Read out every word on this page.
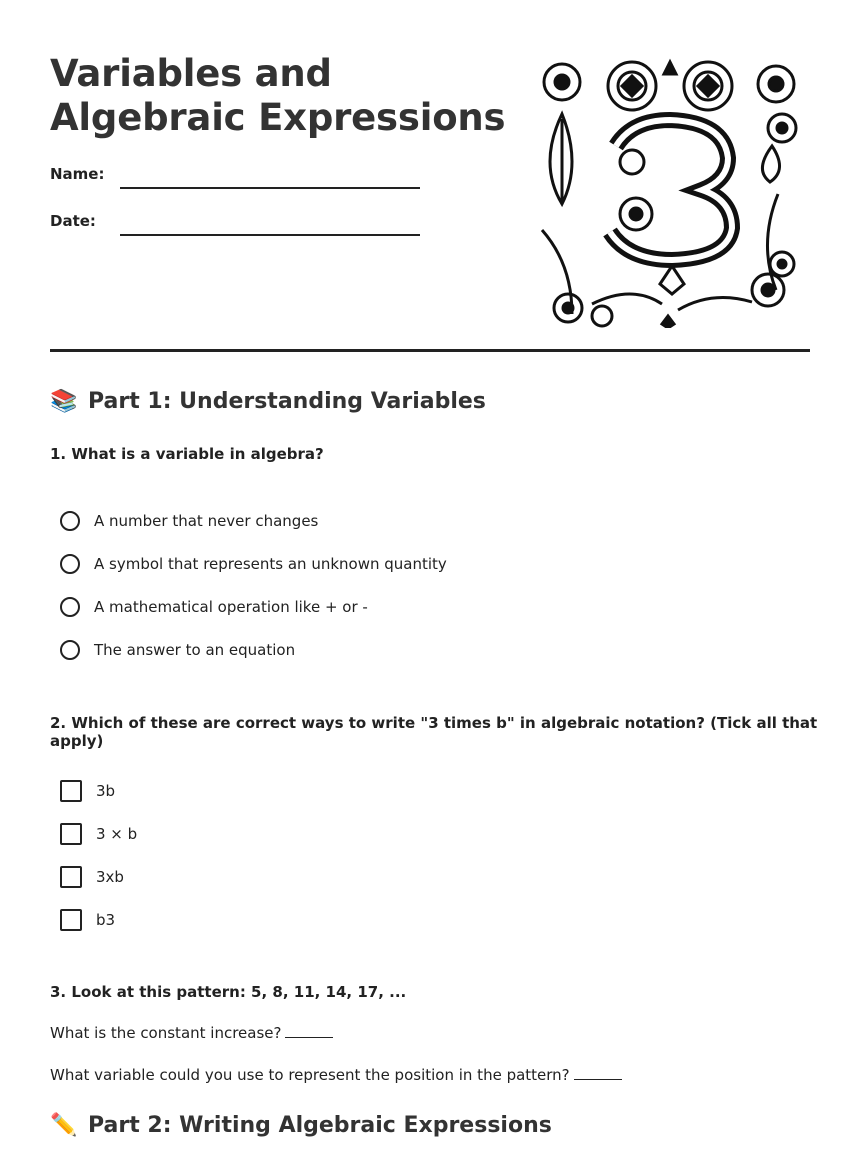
Variables and Algebraic Expressions
Name:
Date:
📚 Part 1: Understanding Variables
1. What is a variable in algebra?
A number that never changes
A symbol that represents an unknown quantity
A mathematical operation like + or -
The answer to an equation
2. Which of these are correct ways to write "3 times b" in algebraic notation? (Tick all that apply)
3b
3 × b
3xb
b3
3. Look at this pattern: 5, 8, 11, 14, 17, ...
What is the constant increase?
What variable could you use to represent the position in the pattern?
✏️ Part 2: Writing Algebraic Expressions
